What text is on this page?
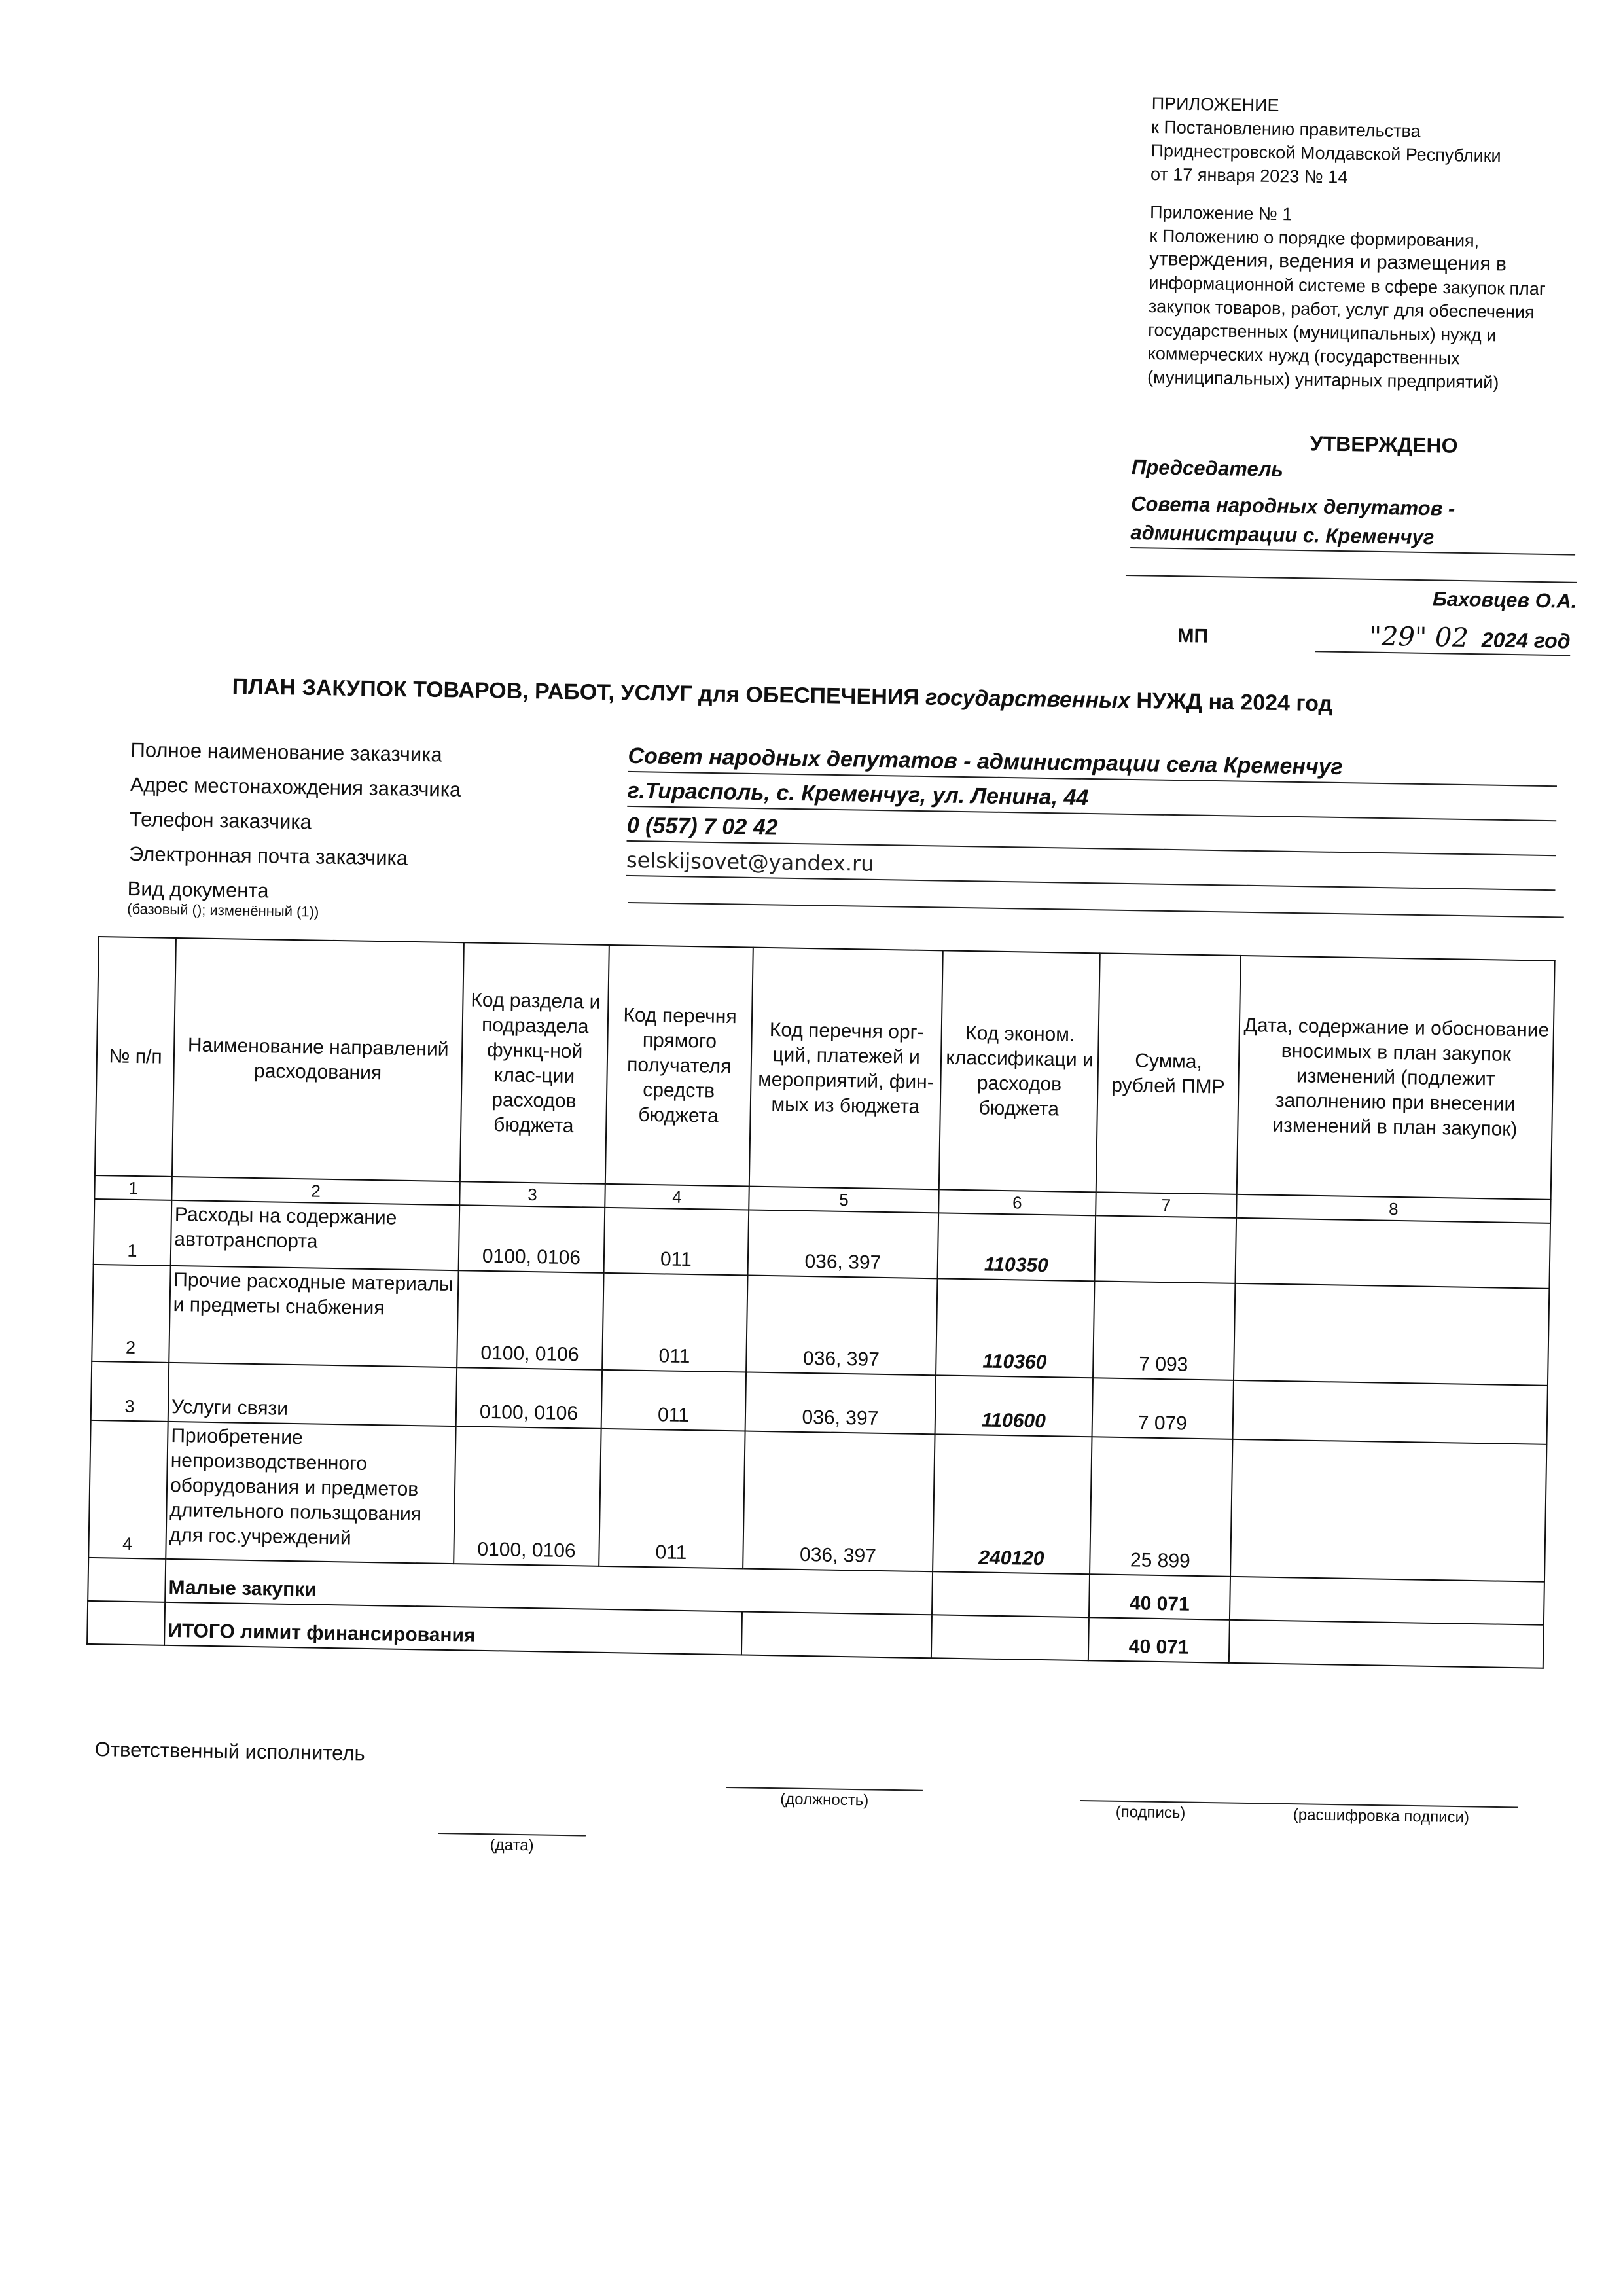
ПРИЛОЖЕНИЕ
к Постановлению правительства
Приднестровской Молдавской Республики
от 17 января 2023 № 14
Приложение № 1
к Положению о порядке формирования,
утверждения, ведения и размещения в
информационной системе в сфере закупок плаг
закупок товаров, работ, услуг для обеспечения
государственных (муниципальных) нужд и
коммерческих нужд (государственных
(муниципальных) унитарных предприятий)
УТВЕРЖДЕНО
Председатель
Совета народных депутатов -
администрации с. Кременчуг
Баховцев О.А.
МП	"29" 02 2024 год
ПЛАН ЗАКУПОК ТОВАРОВ, РАБОТ, УСЛУГ для ОБЕСПЕЧЕНИЯ государственных НУЖД на 2024 год
Полное наименование заказчика	Совет народных депутатов - администрации села Кременчуг
Адрес местонахождения заказчика	г.Тирасполь, с. Кременчуг, ул. Ленина, 44
Телефон заказчика	0 (557) 7 02 42
Электронная почта заказчика	selskijsovet@yandex.ru
Вид документа
(базовый (); изменённый (1))
№ п/п	Наименование направлений расходования	Код раздела и подраздела функц-ной клас-ции расходов бюджета	Код перечня прямого получателя средств бюджета	Код перечня орг-ций, платежей и мероприятий, фин-мых из бюджета	Код эконом. классификаци и расходов бюджета	Сумма, рублей ПМР	Дата, содержание и обоснование вносимых в план закупок изменений (подлежит заполнению при внесении изменений в план закупок)
1	2	3	4	5	6	7	8
1	Расходы на содержание автотранспорта	0100, 0106	011	036, 397	110350		
2	Прочие расходные материалы и предметы снабжения	0100, 0106	011	036, 397	110360	7 093	
3	Услуги связи	0100, 0106	011	036, 397	110600	7 079	
4	Приобретение непроизводственного оборудования и предметов длительного пользщования для гос.учреждений	0100, 0106	011	036, 397	240120	25 899	
	Малые закупки					40 071	
	ИТОГО лимит финансирования					40 071	
Ответственный исполнитель
(должность)
(подпись)	(расшифровка подписи)
(дата)
